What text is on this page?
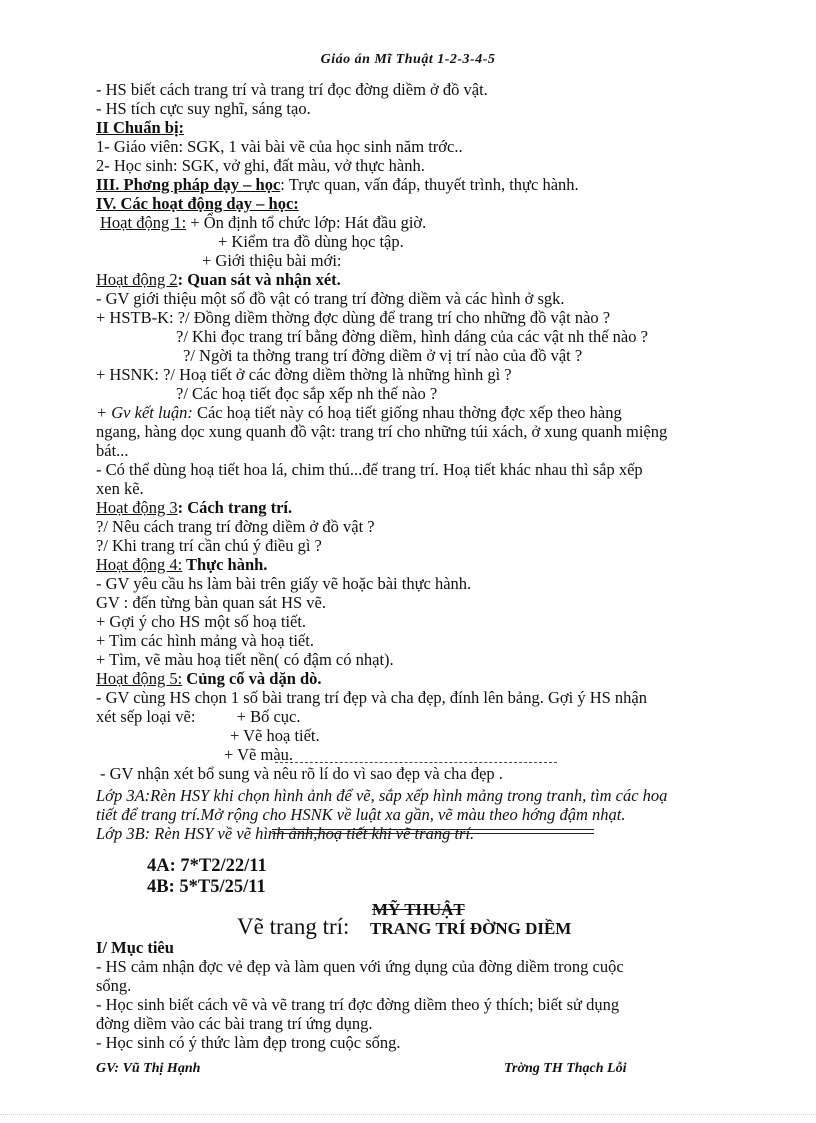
Giáo án Mĩ Thuật 1-2-3-4-5
- HS biết cách trang trí và trang trí đọc đờng diềm ở đồ vật.
- HS tích cực suy nghĩ, sáng tạo.
II Chuẩn bị:
1- Giáo viên: SGK, 1 vài bài vẽ của học sinh năm trớc..
2- Học sinh: SGK, vở ghi, đất màu, vở thực hành.
III. Phơng pháp dạy – học: Trực quan, vấn đáp, thuyết trình, thực hành.
IV. Các hoạt động dạy – học:
Hoạt động 1: + Ổn định tổ chức lớp: Hát đầu giờ.
+ Kiểm tra đồ dùng học tập.
+ Giới thiệu bài mới:
Hoạt động 2: Quan sát và nhận xét.
- GV giới thiệu một số đồ vật có trang trí đờng diềm và các hình ở sgk.
+ HSTB-K: ?/ Đồng diềm thờng đợc dùng để trang trí cho những đồ vật nào ?
?/ Khi đọc trang trí bằng đờng diềm, hình dáng của các vật nh thế nào ?
?/ Ngời ta thờng trang trí đờng diềm ở vị trí nào của đồ vật ?
+ HSNK: ?/ Hoạ tiết ở các đờng diềm thờng là những hình gì ?
?/ Các hoạ tiết đọc sắp xếp nh thế nào ?
+ Gv kết luận: Các hoạ tiết này có hoạ tiết giống nhau thờng đợc xếp theo hàng
ngang, hàng dọc xung quanh đồ vật: trang trí cho những túi xách, ở xung quanh miệng
bát...
- Có thể dùng hoạ tiết hoa lá, chim thú...để trang trí. Hoạ tiết khác nhau thì sắp xếp
xen kẽ.
Hoạt động 3: Cách trang trí.
?/ Nêu cách trang trí đờng diềm ở đồ vật ?
?/ Khi trang trí cần chú ý điều gì ?
Hoạt động 4: Thực hành.
- GV yêu cầu hs làm bài trên giấy vẽ hoặc bài thực hành.
GV : đến từng bàn quan sát HS vẽ.
+ Gợi ý cho HS một số hoạ tiết.
+ Tìm các hình mảng và hoạ tiết.
+ Tìm, vẽ màu hoạ tiết nền( có đậm có nhạt).
Hoạt động 5: Củng cố và dặn dò.
- GV cùng HS chọn 1 số bài trang trí đẹp và cha đẹp, đính lên bảng. Gợi ý HS nhận
xét sếp loại vẽ:          + Bố cục.
+ Vẽ hoạ tiết.
+ Vẽ màu.
- GV nhận xét bổ sung và nêu rõ lí do vì sao đẹp và cha đẹp .
Lớp 3A:Rèn HSY khi chọn hình ảnh để vẽ, sắp xếp hình mảng trong tranh, tìm các hoạ
tiết để trang trí.Mở rộng cho HSNK về luật xa gần, vẽ màu theo hớng đậm nhạt.
Lớp 3B: Rèn HSY về vẽ hình ảnh,hoạ tiết khi vẽ trang trí.
4A: 7*T2/22/11
4B: 5*T5/25/11
MỸ THUẬT
Vẽ trang trí: TRANG TRÍ ĐỜNG DIỀM
I/ Mục tiêu
- HS cảm nhận đợc vẻ đẹp và làm quen với ứng dụng của đờng diềm trong cuộc
sống.
- Học sinh biết cách vẽ và vẽ trang trí đợc đờng diềm theo ý thích; biết sử dụng
đờng diềm vào các bài trang trí ứng dụng.
- Học sinh có ý thức làm đẹp trong cuộc sống.
GV: Vũ Thị Hạnh	Trờng TH Thạch Lỗi
